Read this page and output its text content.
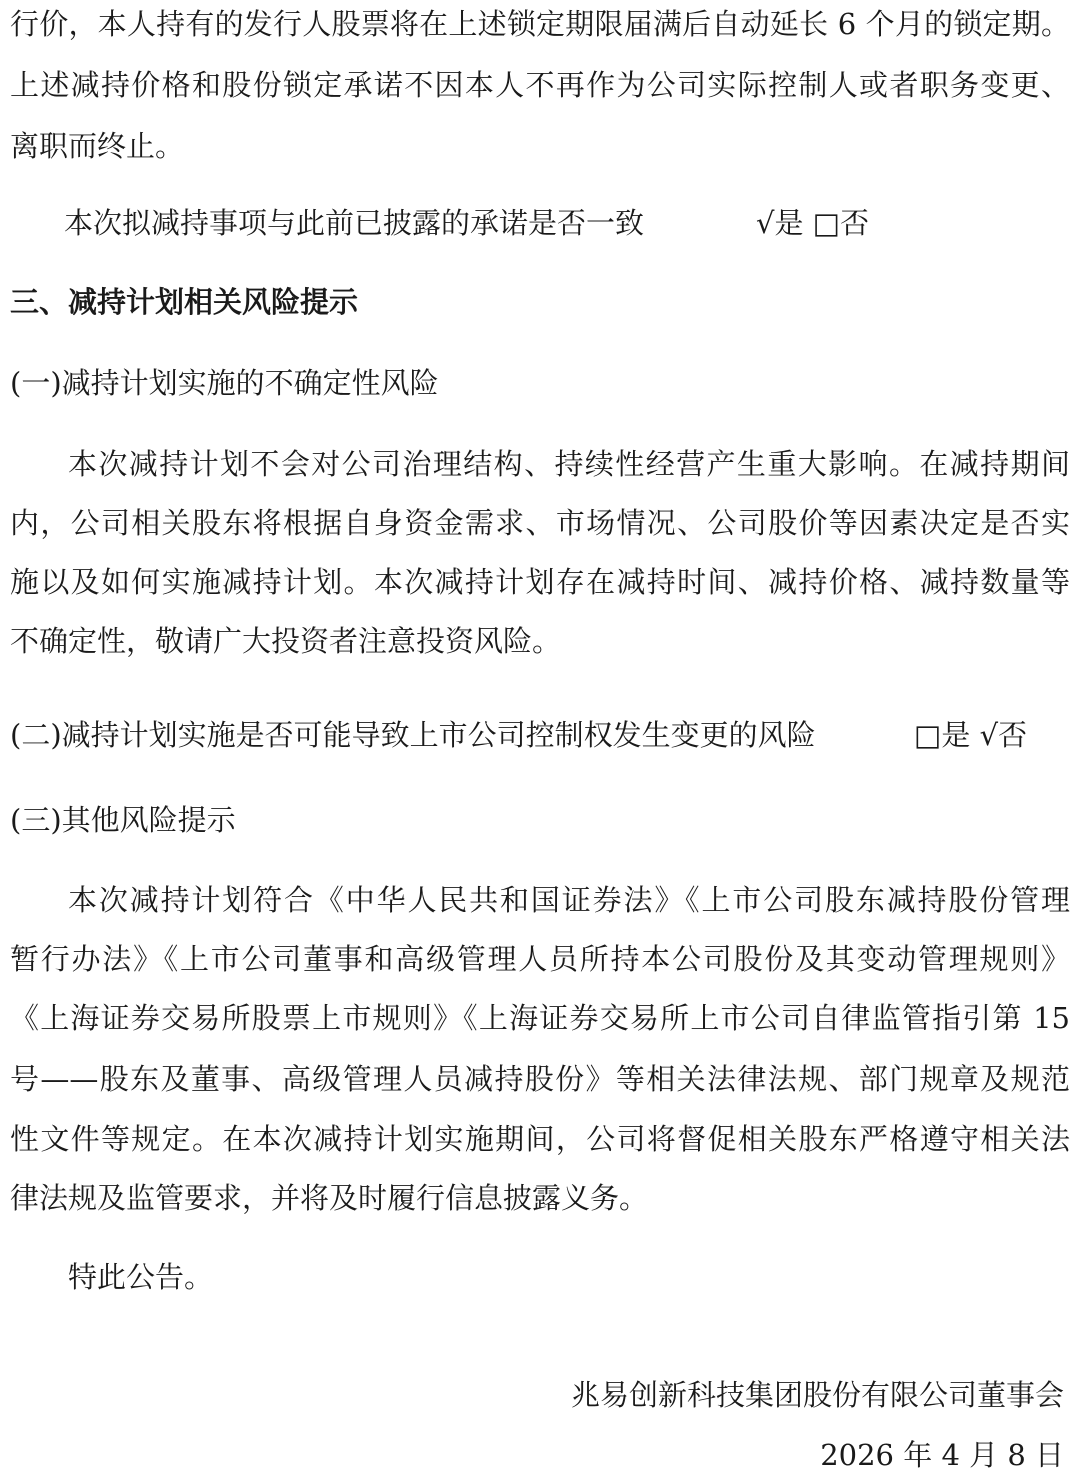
行价，本人持有的发行人股票将在上述锁定期限届满后自动延长 6 个月的锁定期。
上述减持价格和股份锁定承诺不因本人不再作为公司实际控制人或者职务变更、
离职而终止。
本次拟减持事项与此前已披露的承诺是否一致	√是 □否
三、减持计划相关风险提示
(一)减持计划实施的不确定性风险
本次减持计划不会对公司治理结构、持续性经营产生重大影响。在减持期间
内，公司相关股东将根据自身资金需求、市场情况、公司股价等因素决定是否实
施以及如何实施减持计划。本次减持计划存在减持时间、减持价格、减持数量等
不确定性，敬请广大投资者注意投资风险。
(二)减持计划实施是否可能导致上市公司控制权发生变更的风险	□是 √否
(三)其他风险提示
本次减持计划符合《中华人民共和国证券法》《上市公司股东减持股份管理
暂行办法》《上市公司董事和高级管理人员所持本公司股份及其变动管理规则》
《上海证券交易所股票上市规则》《上海证券交易所上市公司自律监管指引第 15
号——股东及董事、高级管理人员减持股份》等相关法律法规、部门规章及规范
性文件等规定。在本次减持计划实施期间，公司将督促相关股东严格遵守相关法
律法规及监管要求，并将及时履行信息披露义务。
特此公告。
兆易创新科技集团股份有限公司董事会
2026 年 4 月 8 日
